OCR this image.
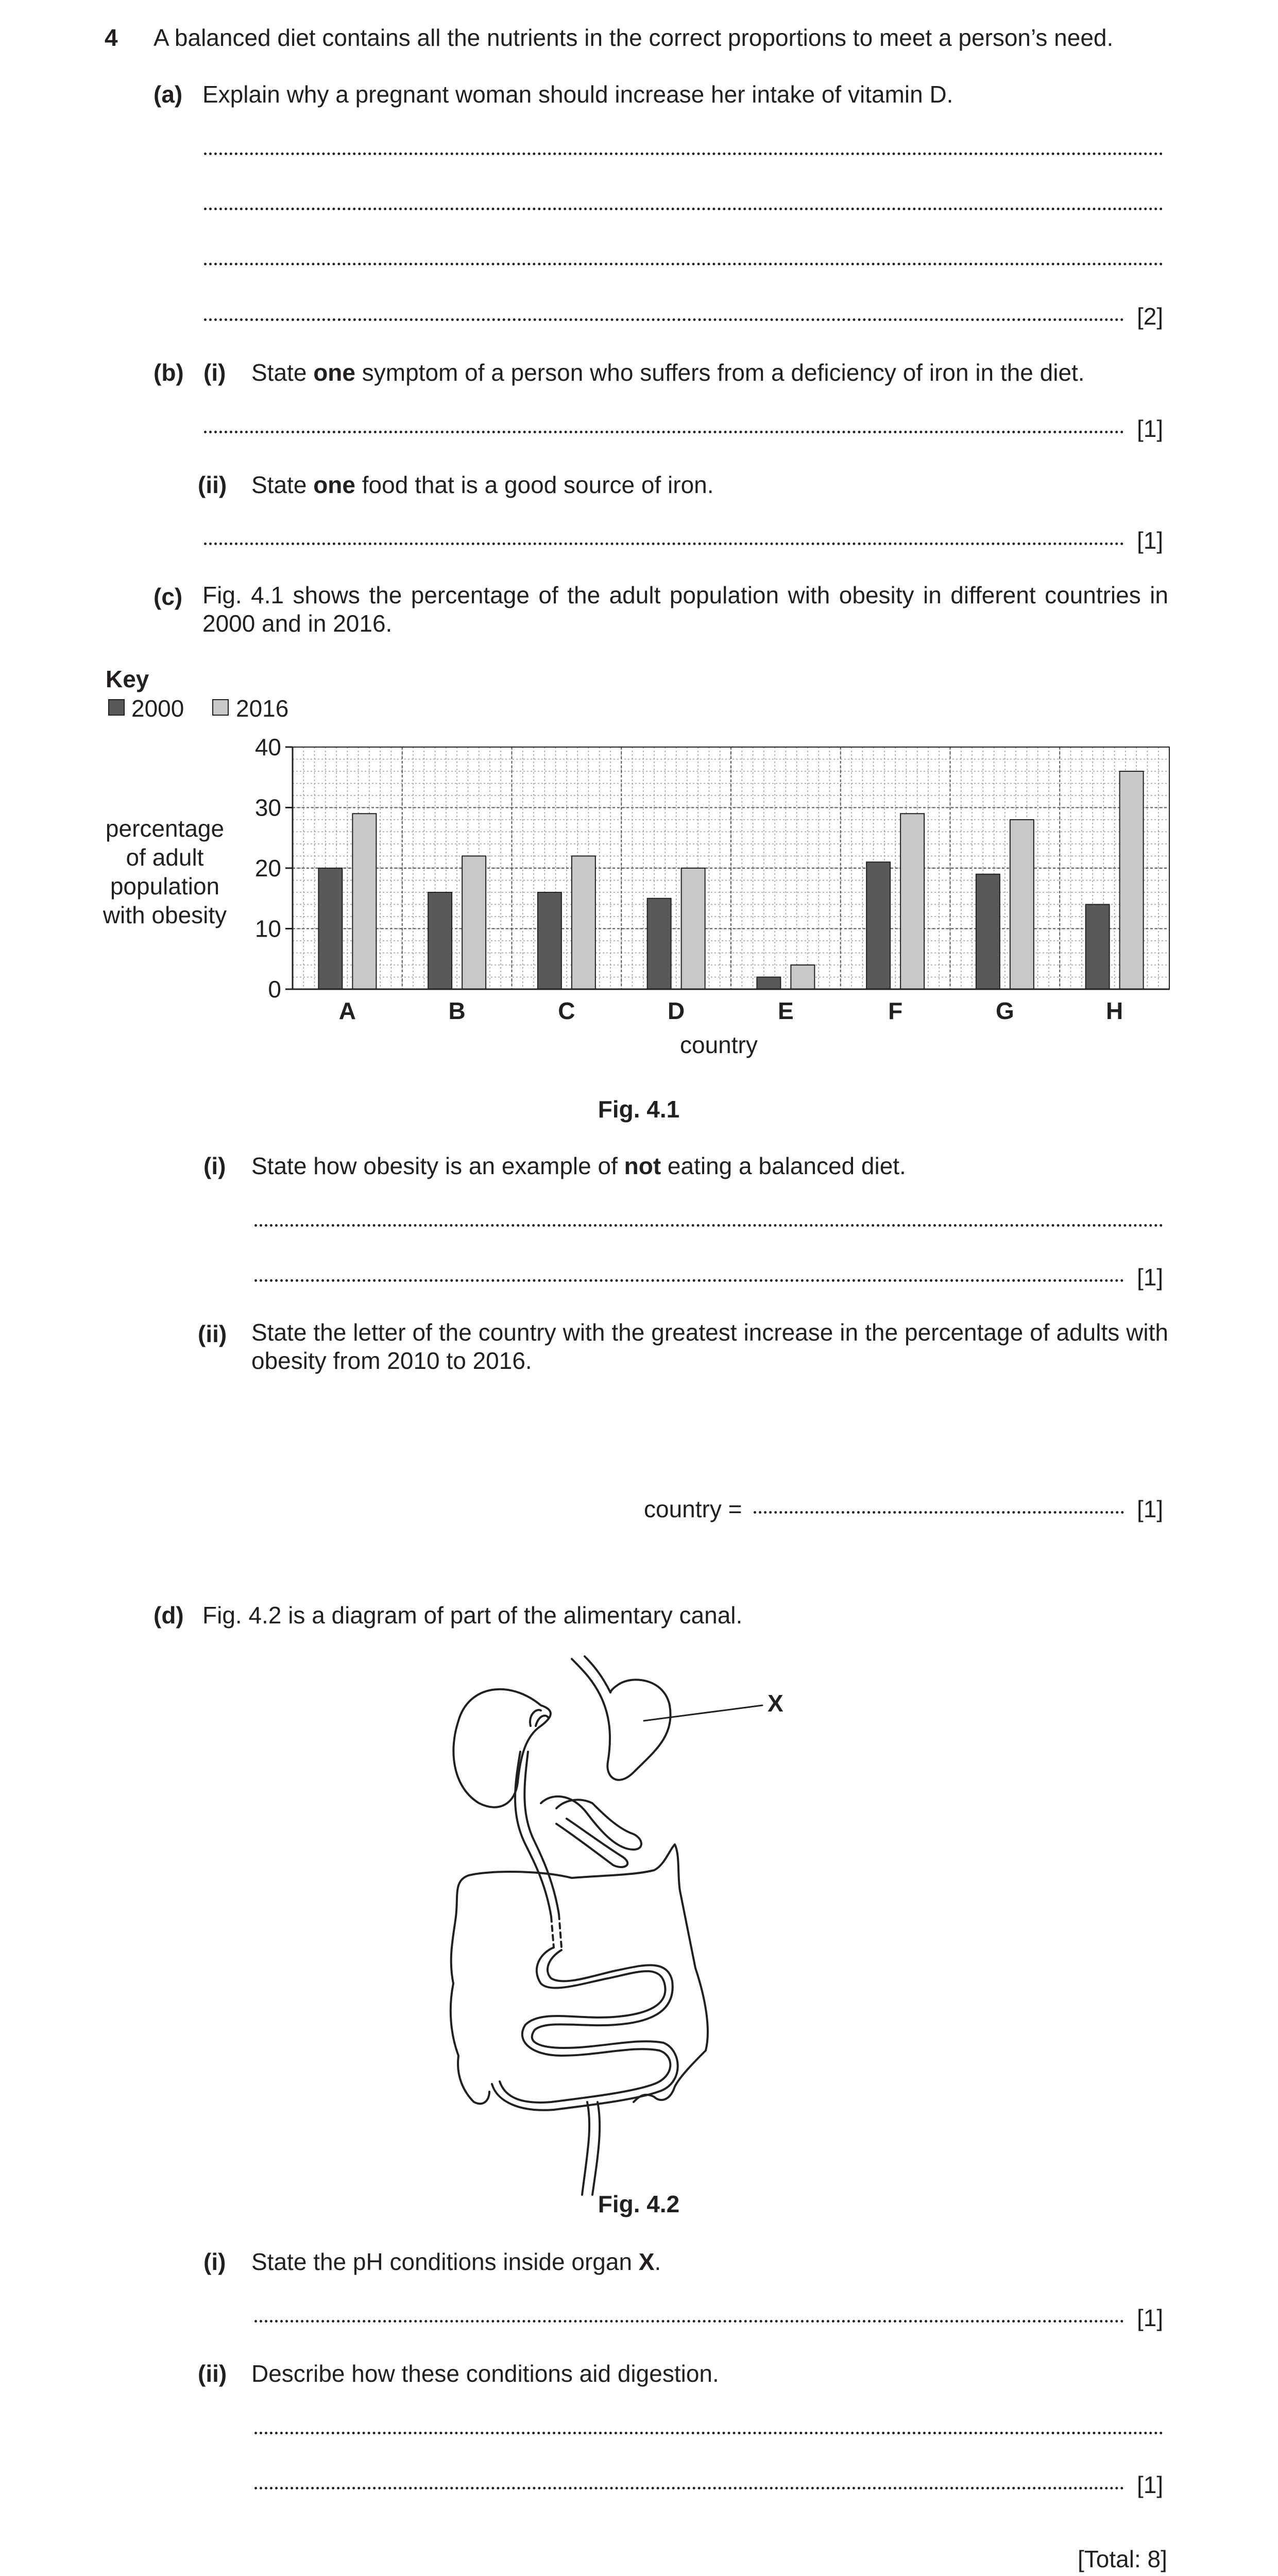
4 A balanced diet contains all the nutrients in the correct proportions to meet a person’s need.
(a) Explain why a pregnant woman should increase her intake of vitamin D.
[2]
(b) (i) State one symptom of a person who suffers from a deficiency of iron in the diet.
[1]
(ii) State one food that is a good source of iron.
[1]
(c) Fig. 4.1 shows the percentage of the adult population with obesity in different countries in 2000 and in 2016.
Key
2000 2016
A	B	C	D	E	F	G	H
0
10
20
30
40
percentage
of adult
population
with obesity
country
Fig. 4.1
(i) State how obesity is an example of not eating a balanced diet.
[1]
(ii) State the letter of the country with the greatest increase in the percentage of adults with obesity from 2010 to 2016.
country =	[1]
(d) Fig. 4.2 is a diagram of part of the alimentary canal.
X
Fig. 4.2
(i) State the pH conditions inside organ X.
[1]
(ii) Describe how these conditions aid digestion.
[1]
[Total: 8]
